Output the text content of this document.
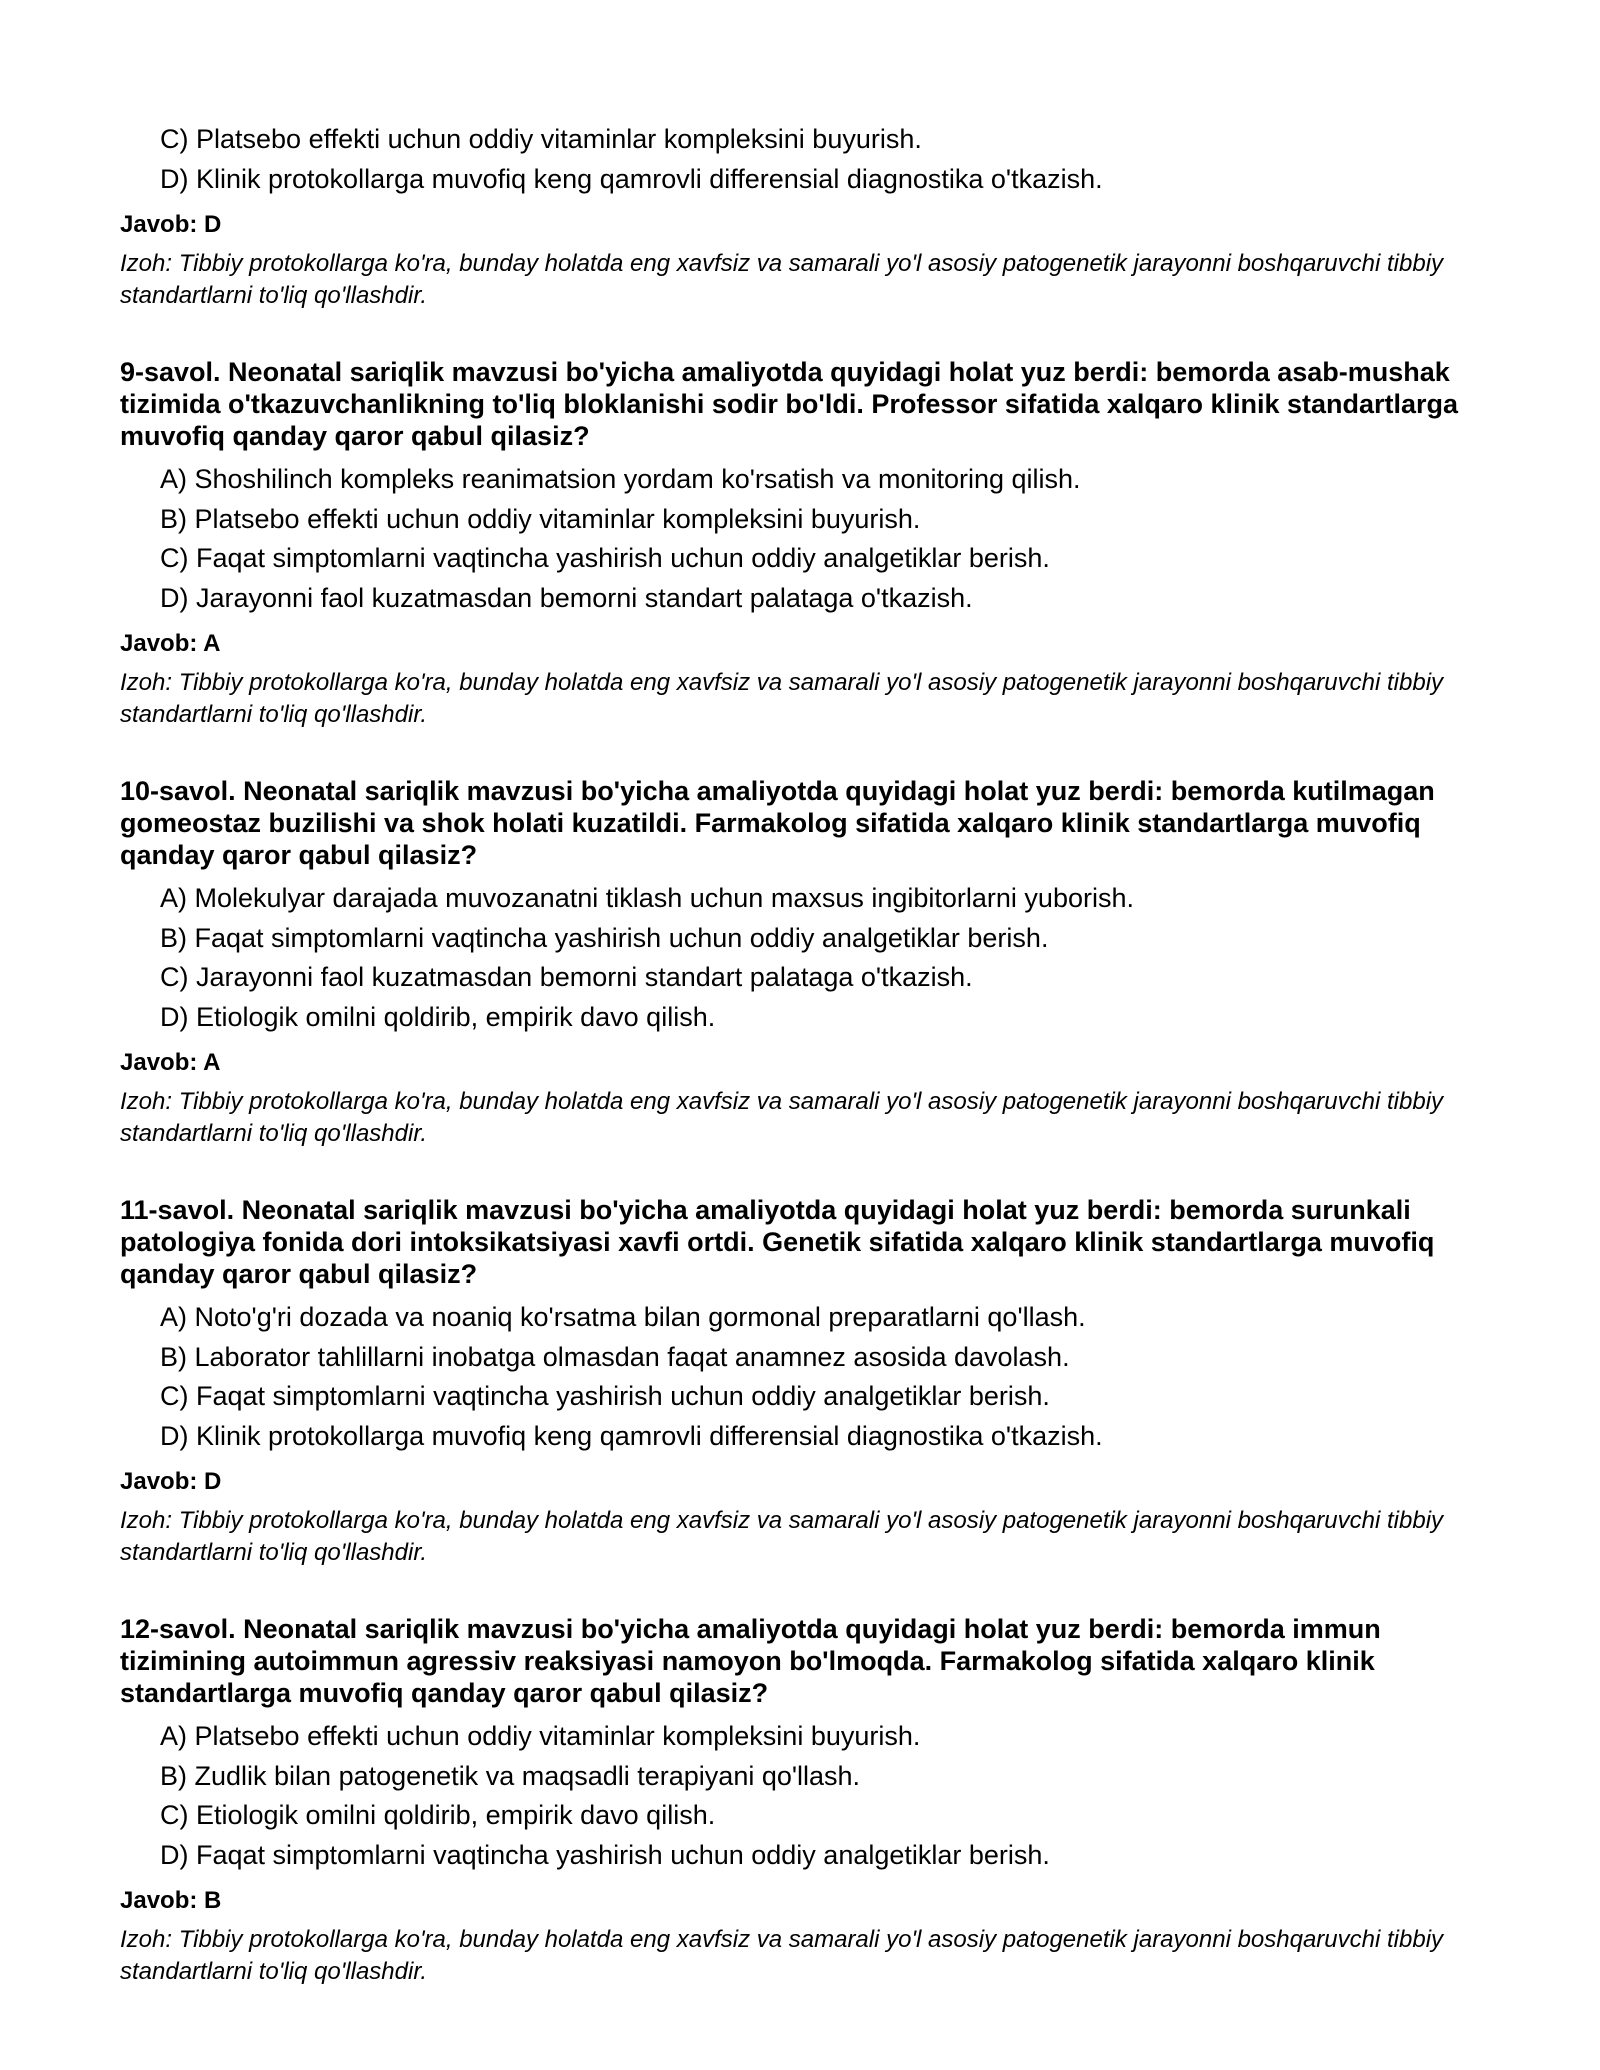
C) Platsebo effekti uchun oddiy vitaminlar kompleksini buyurish.
D) Klinik protokollarga muvofiq keng qamrovli differensial diagnostika o'tkazish.
Javob: D
Izoh: Tibbiy protokollarga ko'ra, bunday holatda eng xavfsiz va samarali yo'l asosiy patogenetik jarayonni boshqaruvchi tibbiy standartlarni to'liq qo'llashdir.
9-savol. Neonatal sariqlik mavzusi bo'yicha amaliyotda quyidagi holat yuz berdi: bemorda asab-mushak tizimida o'tkazuvchanlikning to'liq bloklanishi sodir bo'ldi. Professor sifatida xalqaro klinik standartlarga muvofiq qanday qaror qabul qilasiz?
A) Shoshilinch kompleks reanimatsion yordam ko'rsatish va monitoring qilish.
B) Platsebo effekti uchun oddiy vitaminlar kompleksini buyurish.
C) Faqat simptomlarni vaqtincha yashirish uchun oddiy analgetiklar berish.
D) Jarayonni faol kuzatmasdan bemorni standart palataga o'tkazish.
Javob: A
Izoh: Tibbiy protokollarga ko'ra, bunday holatda eng xavfsiz va samarali yo'l asosiy patogenetik jarayonni boshqaruvchi tibbiy standartlarni to'liq qo'llashdir.
10-savol. Neonatal sariqlik mavzusi bo'yicha amaliyotda quyidagi holat yuz berdi: bemorda kutilmagan gomeostaz buzilishi va shok holati kuzatildi. Farmakolog sifatida xalqaro klinik standartlarga muvofiq qanday qaror qabul qilasiz?
A) Molekulyar darajada muvozanatni tiklash uchun maxsus ingibitorlarni yuborish.
B) Faqat simptomlarni vaqtincha yashirish uchun oddiy analgetiklar berish.
C) Jarayonni faol kuzatmasdan bemorni standart palataga o'tkazish.
D) Etiologik omilni qoldirib, empirik davo qilish.
Javob: A
Izoh: Tibbiy protokollarga ko'ra, bunday holatda eng xavfsiz va samarali yo'l asosiy patogenetik jarayonni boshqaruvchi tibbiy standartlarni to'liq qo'llashdir.
11-savol. Neonatal sariqlik mavzusi bo'yicha amaliyotda quyidagi holat yuz berdi: bemorda surunkali patologiya fonida dori intoksikatsiyasi xavfi ortdi. Genetik sifatida xalqaro klinik standartlarga muvofiq qanday qaror qabul qilasiz?
A) Noto'g'ri dozada va noaniq ko'rsatma bilan gormonal preparatlarni qo'llash.
B) Laborator tahlillarni inobatga olmasdan faqat anamnez asosida davolash.
C) Faqat simptomlarni vaqtincha yashirish uchun oddiy analgetiklar berish.
D) Klinik protokollarga muvofiq keng qamrovli differensial diagnostika o'tkazish.
Javob: D
Izoh: Tibbiy protokollarga ko'ra, bunday holatda eng xavfsiz va samarali yo'l asosiy patogenetik jarayonni boshqaruvchi tibbiy standartlarni to'liq qo'llashdir.
12-savol. Neonatal sariqlik mavzusi bo'yicha amaliyotda quyidagi holat yuz berdi: bemorda immun tizimining autoimmun agressiv reaksiyasi namoyon bo'lmoqda. Farmakolog sifatida xalqaro klinik standartlarga muvofiq qanday qaror qabul qilasiz?
A) Platsebo effekti uchun oddiy vitaminlar kompleksini buyurish.
B) Zudlik bilan patogenetik va maqsadli terapiyani qo'llash.
C) Etiologik omilni qoldirib, empirik davo qilish.
D) Faqat simptomlarni vaqtincha yashirish uchun oddiy analgetiklar berish.
Javob: B
Izoh: Tibbiy protokollarga ko'ra, bunday holatda eng xavfsiz va samarali yo'l asosiy patogenetik jarayonni boshqaruvchi tibbiy standartlarni to'liq qo'llashdir.
